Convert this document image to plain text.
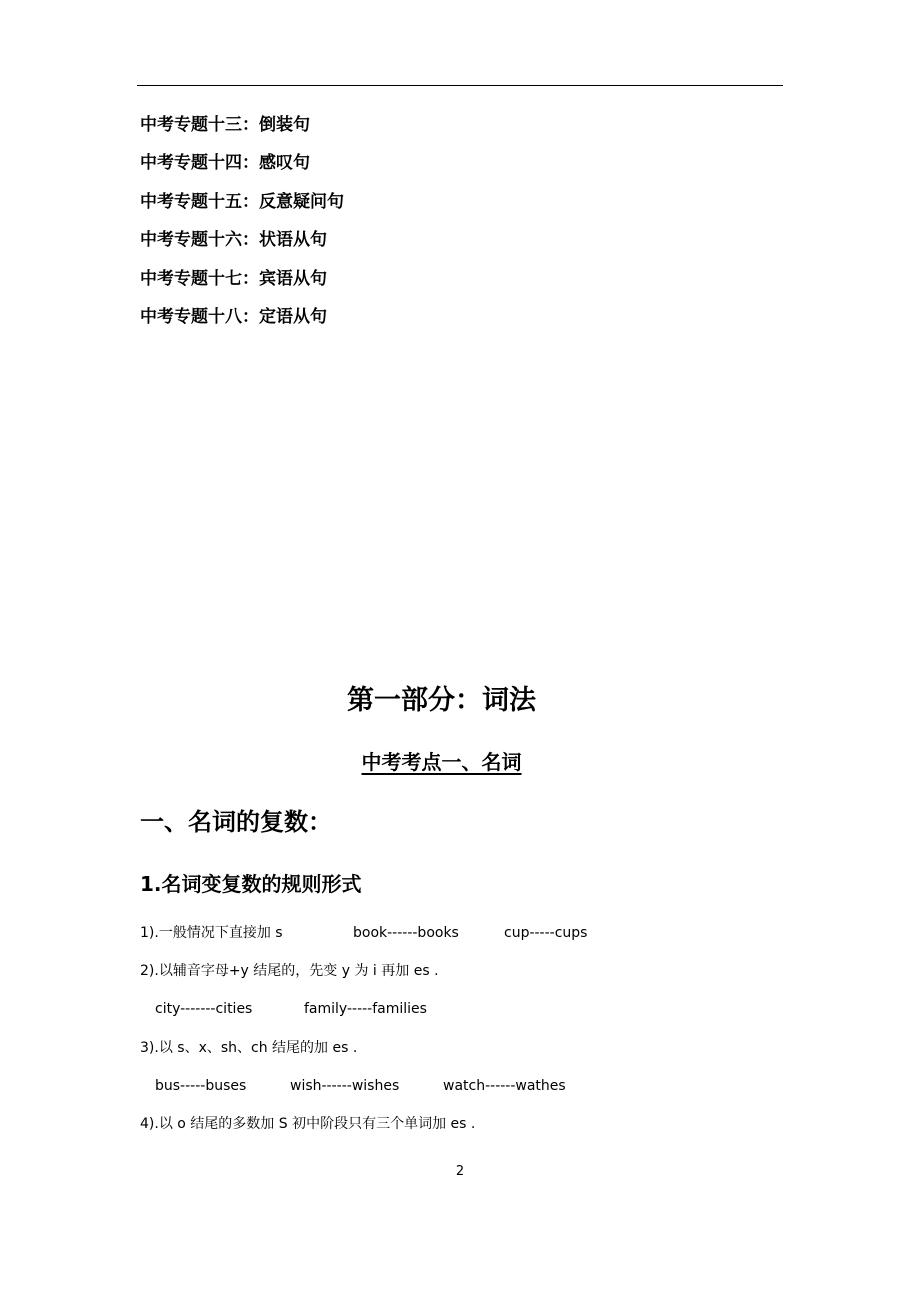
中考专题十三：倒装句
中考专题十四：感叹句
中考专题十五：反意疑问句
中考专题十六：状语从句
中考专题十七：宾语从句
中考专题十八：定语从句
第一部分：词法
中考考点一、名词
一、名词的复数：
1.名词变复数的规则形式
1).一般情况下直接加 s	book------books	cup-----cups
2).以辅音字母+y 结尾的，先变 y 为 i 再加 es .
city-------cities	family-----families
3).以 s、x、sh、ch 结尾的加 es .
bus-----buses	wish------wishes	watch------wathes
4).以 o 结尾的多数加 S 初中阶段只有三个单词加 es .
2
